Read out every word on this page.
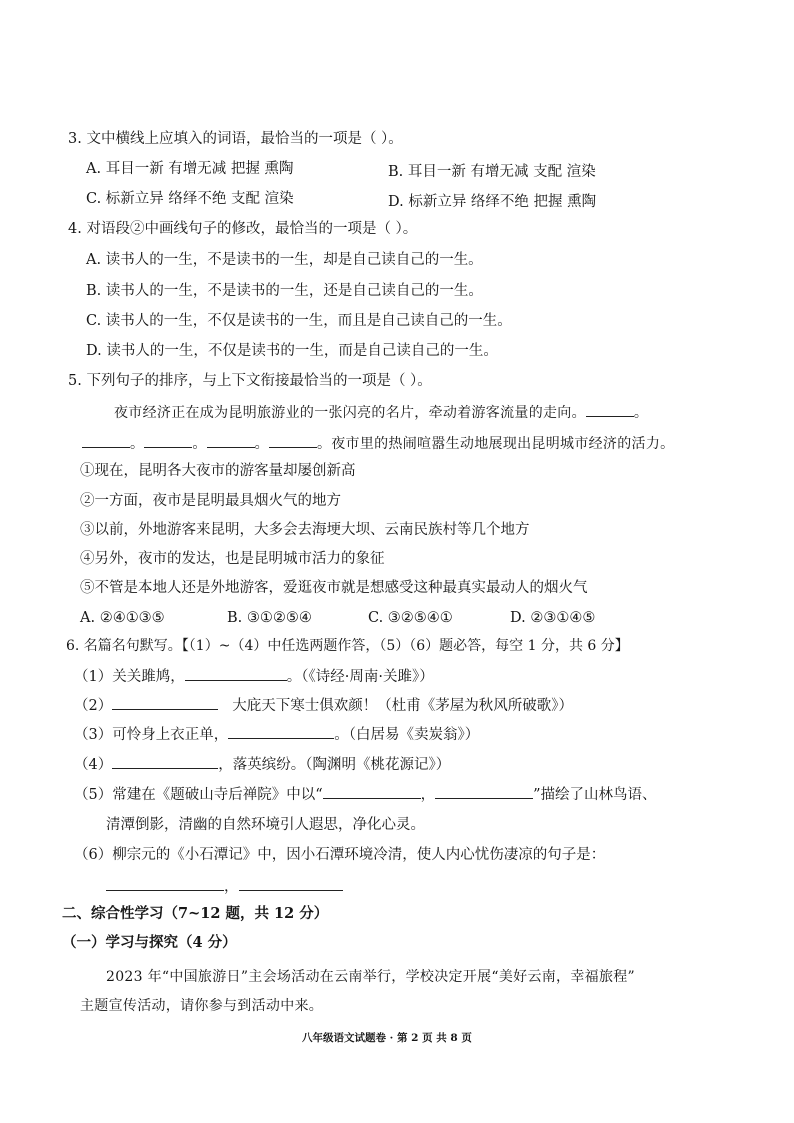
3. 文中横线上应填入的词语，最恰当的一项是（ ）。
A. 耳目一新 有增无减 把握 熏陶	B. 耳目一新 有增无减 支配 渲染
C. 标新立异 络绎不绝 支配 渲染	D. 标新立异 络绎不绝 把握 熏陶
4. 对语段②中画线句子的修改，最恰当的一项是（ ）。
A. 读书人的一生，不是读书的一生，却是自己读自己的一生。
B. 读书人的一生，不是读书的一生，还是自己读自己的一生。
C. 读书人的一生，不仅是读书的一生，而且是自己读自己的一生。
D. 读书人的一生，不仅是读书的一生，而是自己读自己的一生。
5. 下列句子的排序，与上下文衔接最恰当的一项是（ ）。
夜市经济正在成为昆明旅游业的一张闪亮的名片，牵动着游客流量的走向。	。
。	。	。	。夜市里的热闹喧嚣生动地展现出昆明城市经济的活力。
①现在，昆明各大夜市的游客量却屡创新高
②一方面，夜市是昆明最具烟火气的地方
③以前，外地游客来昆明，大多会去海埂大坝、云南民族村等几个地方
④另外，夜市的发达，也是昆明城市活力的象征
⑤不管是本地人还是外地游客，爱逛夜市就是想感受这种最真实最动人的烟火气
A. ②④①③⑤	B. ③①②⑤④	C. ③②⑤④①	D. ②③①④⑤
6. 名篇名句默写。【（1）~（4）中任选两题作答，（5）（6）题必答，每空 1 分，共 6 分】
（1）关关雎鸠，	。（《诗经·周南·关雎》）
（2）	大庇天下寒士俱欢颜！（杜甫《茅屋为秋风所破歌》）
（3）可怜身上衣正单，	。（白居易《卖炭翁》）
（4）	，落英缤纷。（陶渊明《桃花源记》）
（5）常建在《题破山寺后禅院》中以“	，	”描绘了山林鸟语、
清潭倒影，清幽的自然环境引人遐思，净化心灵。
（6）柳宗元的《小石潭记》中，因小石潭环境冷清，使人内心忧伤凄凉的句子是：
，
二、综合性学习（7~12 题，共 12 分）
（一）学习与探究（4 分）
2023 年“中国旅游日”主会场活动在云南举行，学校决定开展“美好云南，幸福旅程”
主题宣传活动，请你参与到活动中来。
八年级语文试题卷 · 第 2 页 共 8 页
